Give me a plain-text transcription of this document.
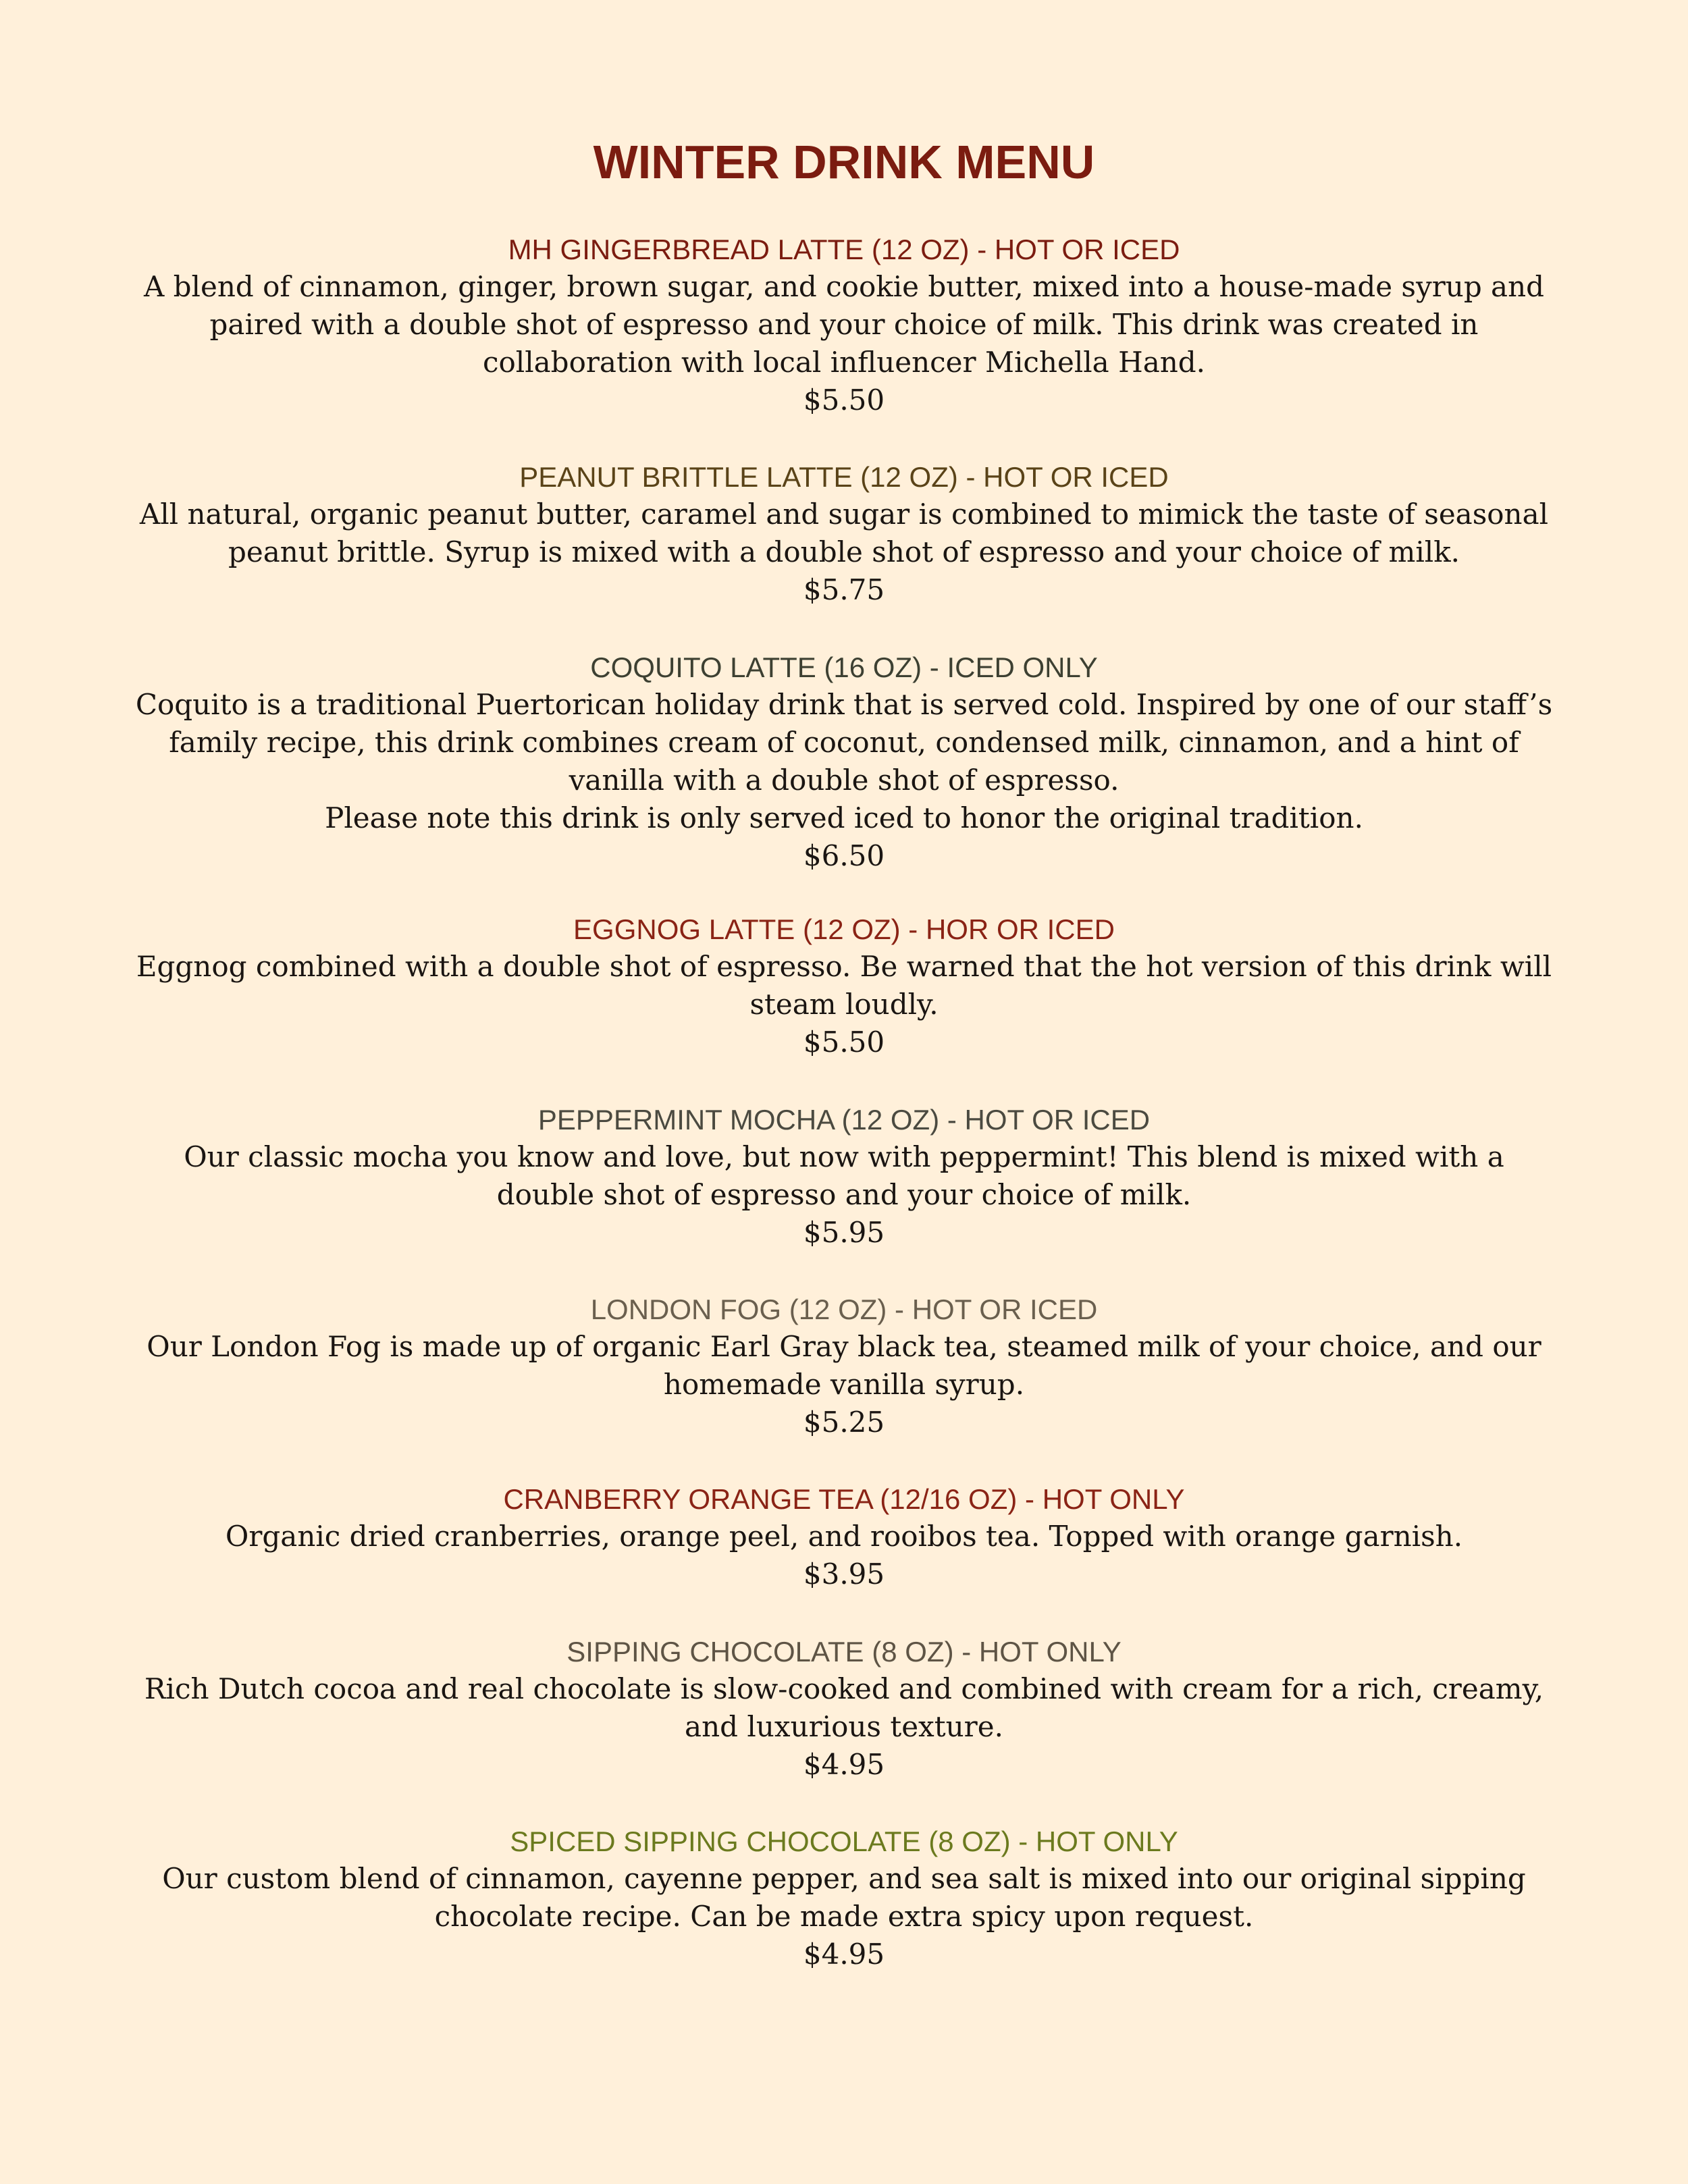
WINTER DRINK MENU
MH GINGERBREAD LATTE (12 OZ) - HOT OR ICED
A blend of cinnamon, ginger, brown sugar, and cookie butter, mixed into a house-made syrup and paired with a double shot of espresso and your choice of milk. This drink was created in collaboration with local influencer Michella Hand.
$5.50
PEANUT BRITTLE LATTE (12 OZ) - HOT OR ICED
All natural, organic peanut butter, caramel and sugar is combined to mimick the taste of seasonal peanut brittle. Syrup is mixed with a double shot of espresso and your choice of milk.
$5.75
COQUITO LATTE (16 OZ) - ICED ONLY
Coquito is a traditional Puertorican holiday drink that is served cold. Inspired by one of our staff’s family recipe, this drink combines cream of coconut, condensed milk, cinnamon, and a hint of vanilla with a double shot of espresso.
Please note this drink is only served iced to honor the original tradition.
$6.50
EGGNOG LATTE (12 OZ) - HOR OR ICED
Eggnog combined with a double shot of espresso. Be warned that the hot version of this drink will steam loudly.
$5.50
PEPPERMINT MOCHA (12 OZ) - HOT OR ICED
Our classic mocha you know and love, but now with peppermint! This blend is mixed with a double shot of espresso and your choice of milk.
$5.95
LONDON FOG (12 OZ) - HOT OR ICED
Our London Fog is made up of organic Earl Gray black tea, steamed milk of your choice, and our homemade vanilla syrup.
$5.25
CRANBERRY ORANGE TEA (12/16 OZ) - HOT ONLY
Organic dried cranberries, orange peel, and rooibos tea. Topped with orange garnish.
$3.95
SIPPING CHOCOLATE (8 OZ) - HOT ONLY
Rich Dutch cocoa and real chocolate is slow-cooked and combined with cream for a rich, creamy, and luxurious texture.
$4.95
SPICED SIPPING CHOCOLATE (8 OZ) - HOT ONLY
Our custom blend of cinnamon, cayenne pepper, and sea salt is mixed into our original sipping chocolate recipe. Can be made extra spicy upon request.
$4.95
